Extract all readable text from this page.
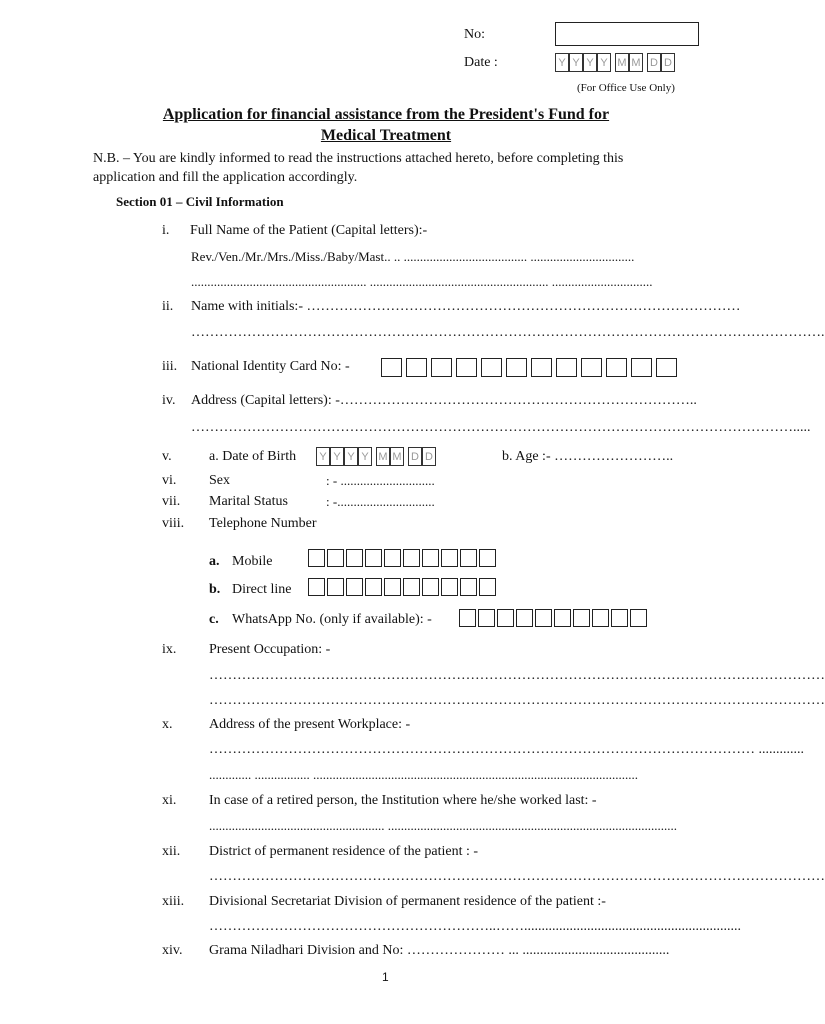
No:
Date :	Y Y Y Y M M D D
(For Office Use Only)
Application for financial assistance from the President's Fund for
Medical Treatment
N.B. – You are kindly informed to read the instructions attached hereto, before completing this
application and fill the application accordingly.
Section 01 – Civil Information
i. Full Name of the Patient (Capital letters):-
Rev./Ven./Mr./Mrs./Miss./Baby/Mast.. .. ...................................... ................................
...................................................... ....................................................... ...............................
ii. Name with initials:- …………………………………………………………………………………
……………………………………………………………………………………………………………………….
iii. National Identity Card No: -
iv. Address (Capital letters): -…………………………………………………………………..
………………………………………………………………………………………………………………….....
v.	a. Date of Birth	Y Y Y Y M M D D	b. Age :- ……………………..
vi. Sex	: - .............................
vii. Marital Status	: -..............................
viii. Telephone Number
a. Mobile
b. Direct line
c. WhatsApp No. (only if available): -
ix. Present Occupation: -
……………………………………………………………………………………………………………………
……………………………………………………………………………………………………………………
x.	Address of the present Workplace: -
……………………………………………………………………………………………………… .............
............. ................. ....................................................................................................
xi. In case of a retired person, the Institution where he/she worked last: -
...................................................... .........................................................................................
xii. District of permanent residence of the patient : -
……………………………………………………………………………………………………………………
xiii. Divisional Secretariat Division of permanent residence of the patient :-
……………………………………………………..……..............................................................
xiv. Grama Niladhari Division and No: ………………… ... ..........................................
1
